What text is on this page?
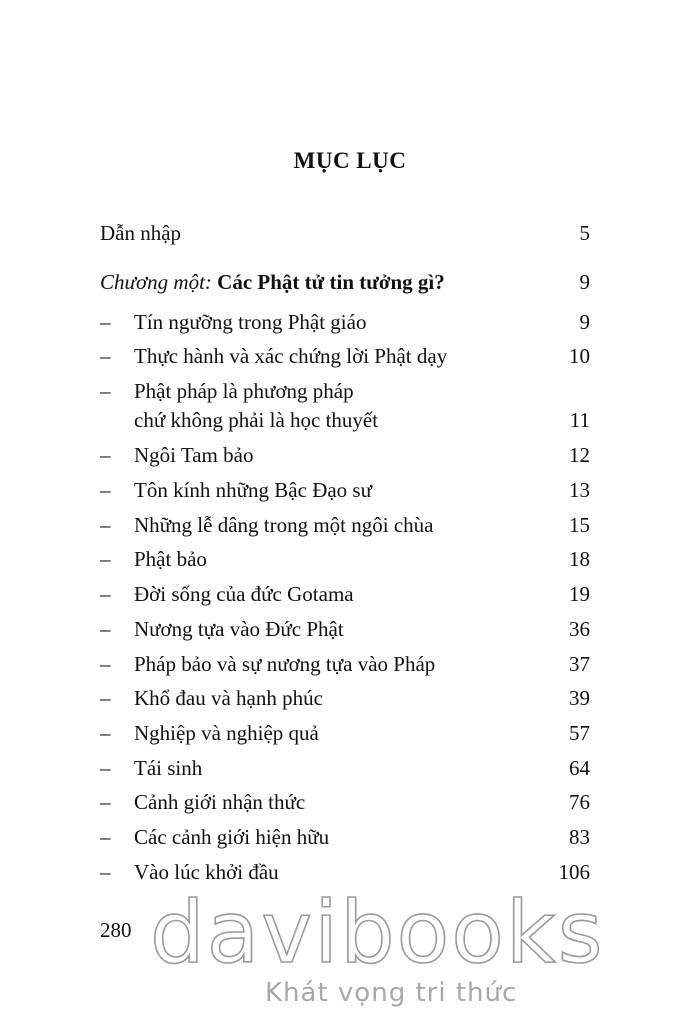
MỤC LỤC
Dẫn nhập	5
Chương một: Các Phật tử tin tưởng gì?	9
– Tín ngưỡng trong Phật giáo	9
– Thực hành và xác chứng lời Phật dạy	10
– Phật pháp là phương pháp
chứ không phải là học thuyết	11
– Ngôi Tam bảo	12
– Tôn kính những Bậc Đạo sư	13
– Những lễ dâng trong một ngôi chùa	15
– Phật bảo	18
– Đời sống của đức Gotama	19
– Nương tựa vào Đức Phật	36
– Pháp bảo và sự nương tựa vào Pháp	37
– Khổ đau và hạnh phúc	39
– Nghiệp và nghiệp quả	57
– Tái sinh	64
– Cảnh giới nhận thức	76
– Các cảnh giới hiện hữu	83
– Vào lúc khởi đầu	106
280 davibooks
Khát vọng tri thức
